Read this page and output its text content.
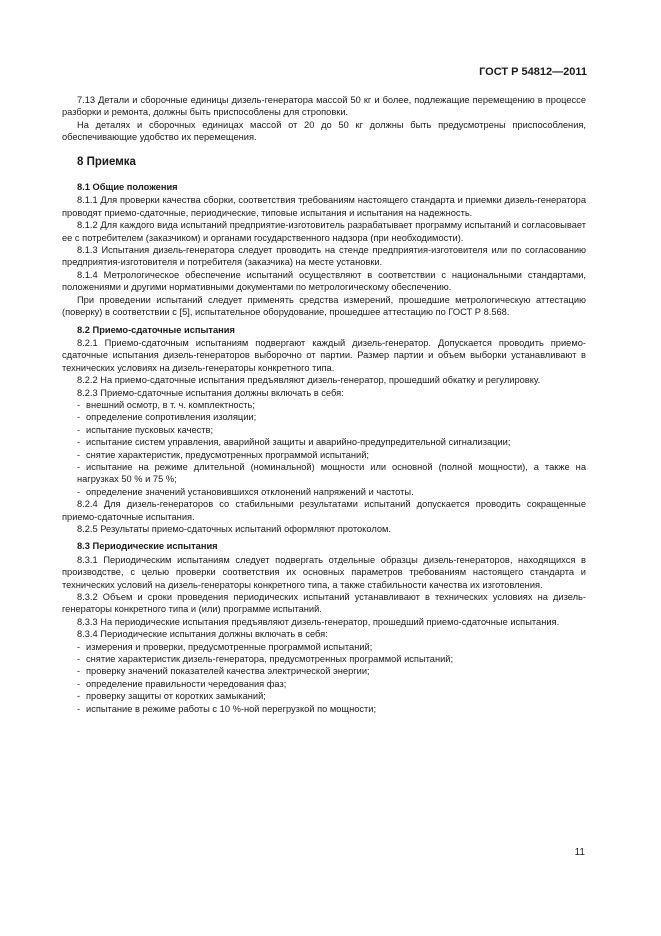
ГОСТ Р 54812—2011

7.13 Детали и сборочные единицы дизель-генератора массой 50 кг и более, подлежащие перемещению в процессе разборки и ремонта, должны быть приспособлены для строповки.

На деталях и сборочных единицах массой от 20 до 50 кг должны быть предусмотрены приспособления, обеспечивающие удобство их перемещения.

8 Приемка
8.1 Общие положения

8.1.1 Для проверки качества сборки, соответствия требованиям настоящего стандарта и приемки дизель-генератора проводят приемо-сдаточные, периодические, типовые испытания и испытания на надежность.

8.1.2 Для каждого вида испытаний предприятие-изготовитель разрабатывает программу испытаний и согласовывает ее с потребителем (заказчиком) и органами государственного надзора (при необходимости).

8.1.3 Испытания дизель-генератора следует проводить на стенде предприятия-изготовителя или по согласованию предприятия-изготовителя и потребителя (заказчика) на месте установки.

8.1.4 Метрологическое обеспечение испытаний осуществляют в соответствии с национальными стандартами, положениями и другими нормативными документами по метрологическому обеспечению.

При проведении испытаний следует применять средства измерений, прошедшие метрологическую аттестацию (поверку) в соответствии с [5], испытательное оборудование, прошедшее аттестацию по ГОСТ Р 8.568.

8.2 Приемо-сдаточные испытания

8.2.1 Приемо-сдаточным испытаниям подвергают каждый дизель-генератор. Допускается проводить приемо-сдаточные испытания дизель-генераторов выборочно от партии. Размер партии и объем выборки устанавливают в технических условиях на дизель-генераторы конкретного типа.

8.2.2 На приемо-сдаточные испытания предъявляют дизель-генератор, прошедший обкатку и регулировку.

8.2.3 Приемо-сдаточные испытания должны включать в себя:

- внешний осмотр, в т. ч. комплектность;

- определение сопротивления изоляции;

- испытание пусковых качеств;

- испытание систем управления, аварийной защиты и аварийно-предупредительной сигнализации;

- снятие характеристик, предусмотренных программой испытаний;

- испытание на режиме длительной (номинальной) мощности или основной (полной мощности), а также на нагрузках 50 % и 75 %;

- определение значений установившихся отклонений напряжений и частоты.

8.2.4 Для дизель-генераторов со стабильными результатами испытаний допускается проводить сокращенные приемо-сдаточные испытания.

8.2.5 Результаты приемо-сдаточных испытаний оформляют протоколом.

8.3 Периодические испытания

8.3.1 Периодическим испытаниям следует подвергать отдельные образцы дизель-генераторов, находящихся в производстве, с целью проверки соответствия их основных параметров требованиям настоящего стандарта и технических условий на дизель-генераторы конкретного типа, а также стабильности качества их изготовления.

8.3.2 Объем и сроки проведения периодических испытаний устанавливают в технических условиях на дизель-генераторы конкретного типа и (или) программе испытаний.

8.3.3 На периодические испытания предъявляют дизель-генератор, прошедший приемо-сдаточные испытания.

8.3.4 Периодические испытания должны включать в себя:

- измерения и проверки, предусмотренные программой испытаний;

- снятие характеристик дизель-генератора, предусмотренных программой испытаний;

- проверку значений показателей качества электрической энергии;

- определение правильности чередования фаз;

- проверку защиты от коротких замыканий;

- испытание в режиме работы с 10 %-ной перегрузкой по мощности;

11
